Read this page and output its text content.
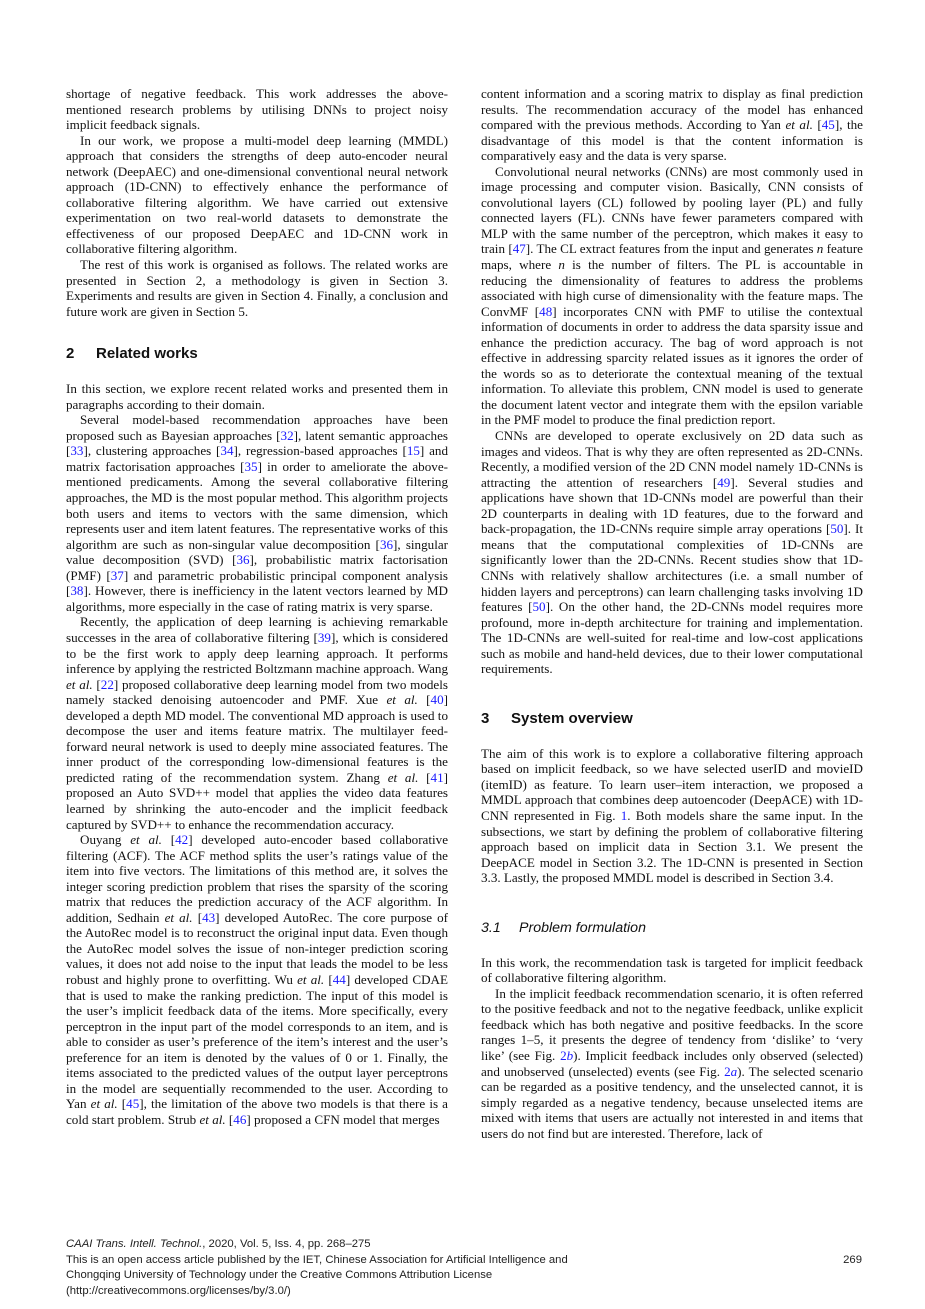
shortage of negative feedback. This work addresses the above-mentioned research problems by utilising DNNs to project noisy implicit feedback signals.

In our work, we propose a multi-model deep learning (MMDL) approach that considers the strengths of deep auto-encoder neural network (DeepAEC) and one-dimensional conventional neural network approach (1D-CNN) to effectively enhance the performance of collaborative filtering algorithm. We have carried out extensive experimentation on two real-world datasets to demonstrate the effectiveness of our proposed DeepAEC and 1D-CNN work in collaborative filtering algorithm.

The rest of this work is organised as follows. The related works are presented in Section 2, a methodology is given in Section 3. Experiments and results are given in Section 4. Finally, a conclusion and future work are given in Section 5.

2 Related works

In this section, we explore recent related works and presented them in paragraphs according to their domain.

Several model-based recommendation approaches have been proposed such as Bayesian approaches [32], latent semantic approaches [33], clustering approaches [34], regression-based approaches [15] and matrix factorisation approaches [35] in order to ameliorate the above-mentioned predicaments. Among the several collaborative filtering approaches, the MD is the most popular method. This algorithm projects both users and items to vectors with the same dimension, which represents user and item latent features. The representative works of this algorithm are such as non-singular value decomposition [36], singular value decomposition (SVD) [36], probabilistic matrix factorisation (PMF) [37] and parametric probabilistic principal component analysis [38]. However, there is inefficiency in the latent vectors learned by MD algorithms, more especially in the case of rating matrix is very sparse.

Recently, the application of deep learning is achieving remarkable successes in the area of collaborative filtering [39], which is considered to be the first work to apply deep learning approach. It performs inference by applying the restricted Boltzmann machine approach. Wang et al. [22] proposed collaborative deep learning model from two models namely stacked denoising autoencoder and PMF. Xue et al. [40] developed a depth MD model. The conventional MD approach is used to decompose the user and items feature matrix. The multilayer feed-forward neural network is used to deeply mine associated features. The inner product of the corresponding low-dimensional features is the predicted rating of the recommendation system. Zhang et al. [41] proposed an Auto SVD++ model that applies the video data features learned by shrinking the auto-encoder and the implicit feedback captured by SVD++ to enhance the recommendation accuracy.

Ouyang et al. [42] developed auto-encoder based collaborative filtering (ACF). The ACF method splits the user’s ratings value of the item into five vectors. The limitations of this method are, it solves the integer scoring prediction problem that rises the sparsity of the scoring matrix that reduces the prediction accuracy of the ACF algorithm. In addition, Sedhain et al. [43] developed AutoRec. The core purpose of the AutoRec model is to reconstruct the original input data. Even though the AutoRec model solves the issue of non-integer prediction scoring values, it does not add noise to the input that leads the model to be less robust and highly prone to overfitting. Wu et al. [44] developed CDAE that is used to make the ranking prediction. The input of this model is the user’s implicit feedback data of the items. More specifically, every perceptron in the input part of the model corresponds to an item, and is able to consider as user’s preference of the item’s interest and the user’s preference for an item is denoted by the values of 0 or 1. Finally, the items associated to the predicted values of the output layer perceptrons in the model are sequentially recommended to the user. According to Yan et al. [45], the limitation of the above two models is that there is a cold start problem. Strub et al. [46] proposed a CFN model that merges

content information and a scoring matrix to display as final prediction results. The recommendation accuracy of the model has enhanced compared with the previous methods. According to Yan et al. [45], the disadvantage of this model is that the content information is comparatively easy and the data is very sparse.

Convolutional neural networks (CNNs) are most commonly used in image processing and computer vision. Basically, CNN consists of convolutional layers (CL) followed by pooling layer (PL) and fully connected layers (FL). CNNs have fewer parameters compared with MLP with the same number of the perceptron, which makes it easy to train [47]. The CL extract features from the input and generates n feature maps, where n is the number of filters. The PL is accountable in reducing the dimensionality of features to address the problems associated with high curse of dimensionality with the feature maps. The ConvMF [48] incorporates CNN with PMF to utilise the contextual information of documents in order to address the data sparsity issue and enhance the prediction accuracy. The bag of word approach is not effective in addressing sparcity related issues as it ignores the order of the words so as to deteriorate the contextual meaning of the textual information. To alleviate this problem, CNN model is used to generate the document latent vector and integrate them with the epsilon variable in the PMF model to produce the final prediction report.

CNNs are developed to operate exclusively on 2D data such as images and videos. That is why they are often represented as 2D-CNNs. Recently, a modified version of the 2D CNN model namely 1D-CNNs is attracting the attention of researchers [49]. Several studies and applications have shown that 1D-CNNs model are powerful than their 2D counterparts in dealing with 1D features, due to the forward and back-propagation, the 1D-CNNs require simple array operations [50]. It means that the computational complexities of 1D-CNNs are significantly lower than the 2D-CNNs. Recent studies show that 1D-CNNs with relatively shallow architectures (i.e. a small number of hidden layers and perceptrons) can learn challenging tasks involving 1D features [50]. On the other hand, the 2D-CNNs model requires more profound, more in-depth architecture for training and implementation. The 1D-CNNs are well-suited for real-time and low-cost applications such as mobile and hand-held devices, due to their lower computational requirements.

3 System overview

The aim of this work is to explore a collaborative filtering approach based on implicit feedback, so we have selected userID and movieID (itemID) as feature. To learn user–item interaction, we proposed a MMDL approach that combines deep autoencoder (DeepACE) with 1D-CNN represented in Fig. 1. Both models share the same input. In the subsections, we start by defining the problem of collaborative filtering approach based on implicit data in Section 3.1. We present the DeepACE model in Section 3.2. The 1D-CNN is presented in Section 3.3. Lastly, the proposed MMDL model is described in Section 3.4.

3.1 Problem formulation

In this work, the recommendation task is targeted for implicit feedback of collaborative filtering algorithm.

In the implicit feedback recommendation scenario, it is often referred to the positive feedback and not to the negative feedback, unlike explicit feedback which has both negative and positive feedbacks. In the score ranges 1–5, it presents the degree of tendency from ‘dislike’ to ‘very like’ (see Fig. 2b). Implicit feedback includes only observed (selected) and unobserved (unselected) events (see Fig. 2a). The selected scenario can be regarded as a positive tendency, and the unselected cannot, it is simply regarded as a negative tendency, because unselected items are mixed with items that users are actually not interested in and items that users do not find but are interested. Therefore, lack of

CAAI Trans. Intell. Technol., 2020, Vol. 5, Iss. 4, pp. 268–275
This is an open access article published by the IET, Chinese Association for Artificial Intelligence and
Chongqing University of Technology under the Creative Commons Attribution License
(http://creativecommons.org/licenses/by/3.0/)
269
